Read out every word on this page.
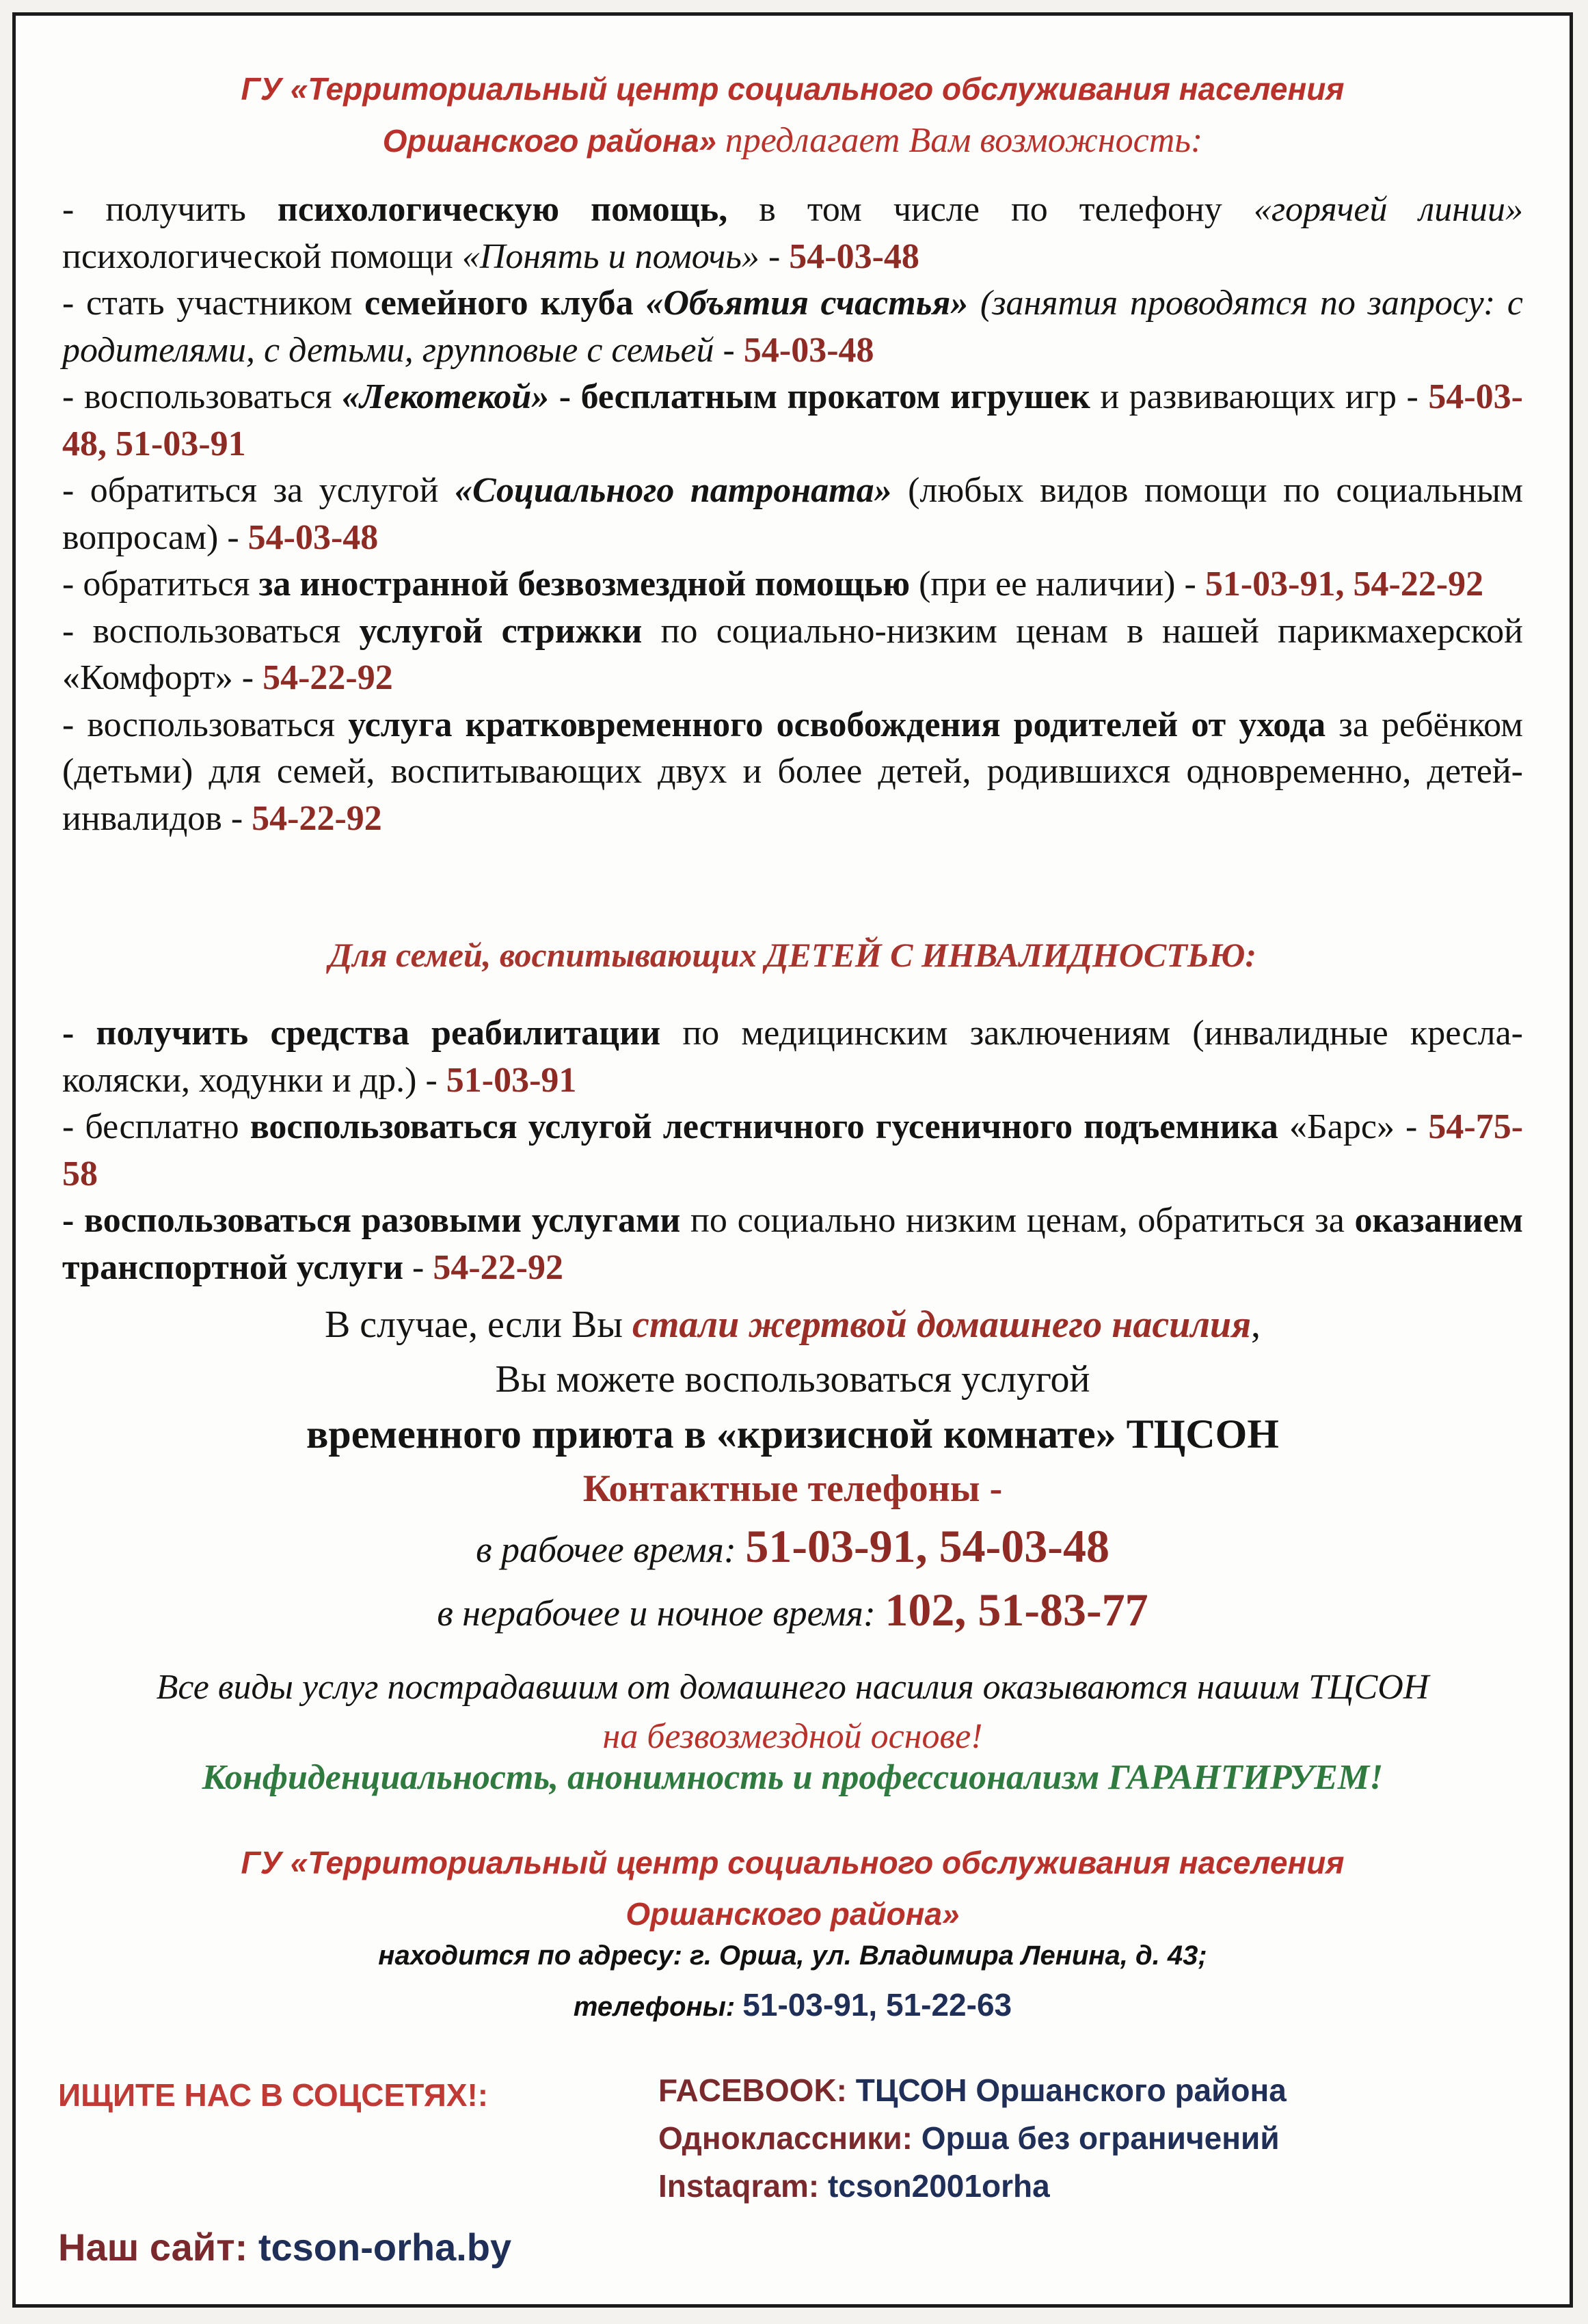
ГУ «Территориальный центр социального обслуживания населения
Оршанского района» предлагает Вам возможность:

- получить психологическую помощь, в том числе по телефону «горячей линии» психологической помощи «Понять и помочь» - 54-03-48

- стать участником семейного клуба «Объятия счастья» (занятия проводятся по запросу: с родителями, с детьми, групповые с семьей - 54-03-48

- воспользоваться «Лекотекой» - бесплатным прокатом игрушек и развивающих игр - 54-03-48, 51-03-91

- обратиться за услугой «Социального патроната» (любых видов помощи по социальным вопросам) - 54-03-48

- обратиться за иностранной безвозмездной помощью (при ее наличии) - 51-03-91, 54-22-92

- воспользоваться услугой стрижки по социально-низким ценам в нашей парикмахерской «Комфорт» - 54-22-92

- воспользоваться услуга кратковременного освобождения родителей от ухода за ребёнком (детьми) для семей, воспитывающих двух и более детей, родившихся одновременно, детей-инвалидов - 54-22-92

Для семей, воспитывающих ДЕТЕЙ С ИНВАЛИДНОСТЬЮ:

- получить средства реабилитации по медицинским заключениям (инвалидные кресла-коляски, ходунки и др.) - 51-03-91

- бесплатно воспользоваться услугой лестничного гусеничного подъемника «Барс» - 54-75-58

- воспользоваться разовыми услугами по социально низким ценам, обратиться за оказанием транспортной услуги - 54-22-92

В случае, если Вы стали жертвой домашнего насилия,
Вы можете воспользоваться услугой
временного приюта в «кризисной комнате» ТЦСОН
Контактные телефоны -
в рабочее время: 51-03-91, 54-03-48
в нерабочее и ночное время: 102, 51-83-77
Все виды услуг пострадавшим от домашнего насилия оказываются нашим ТЦСОН
на безвозмездной основе!
Конфиденциальность, анонимность и профессионализм ГАРАНТИРУЕМ!
ГУ «Территориальный центр социального обслуживания населения
Оршанского района»
находится по адресу: г. Орша, ул. Владимира Ленина, д. 43;
телефоны: 51-03-91, 51-22-63
ИЩИТЕ НАС В СОЦСЕТЯХ!:	FACEBOOK: ТЦСОН Оршанского района
Одноклассники: Орша без ограничений
Instaqram: tcson2001orha
Наш сайт: tcson-orha.by
